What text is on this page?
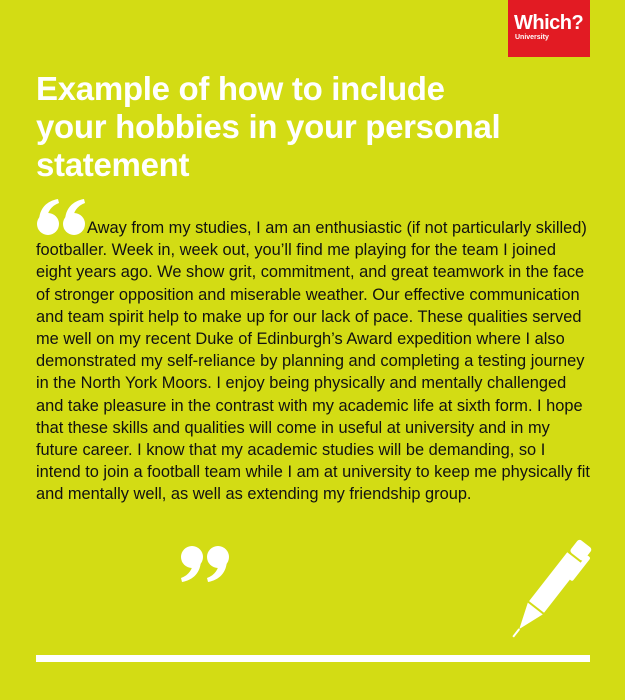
Which?
University
Example of how to include your hobbies in your personal statement

Away from my studies, I am an enthusiastic (if not particularly skilled) footballer. Week in, week out, you’ll find me playing for the team I joined eight years ago. We show grit, commitment, and great teamwork in the face of stronger opposition and miserable weather. Our effective communication and team spirit help to make up for our lack of pace. These qualities served me well on my recent Duke of Edinburgh’s Award expedition where I also demonstrated my self-reliance by planning and completing a testing journey in the North York Moors. I enjoy being physically and mentally challenged and take pleasure in the contrast with my academic life at sixth form. I hope that these skills and qualities will come in useful at university and in my future career. I know that my academic studies will be demanding, so I intend to join a football team while I am at university to keep me physically fit and mentally well, as well as extending my friendship group.
